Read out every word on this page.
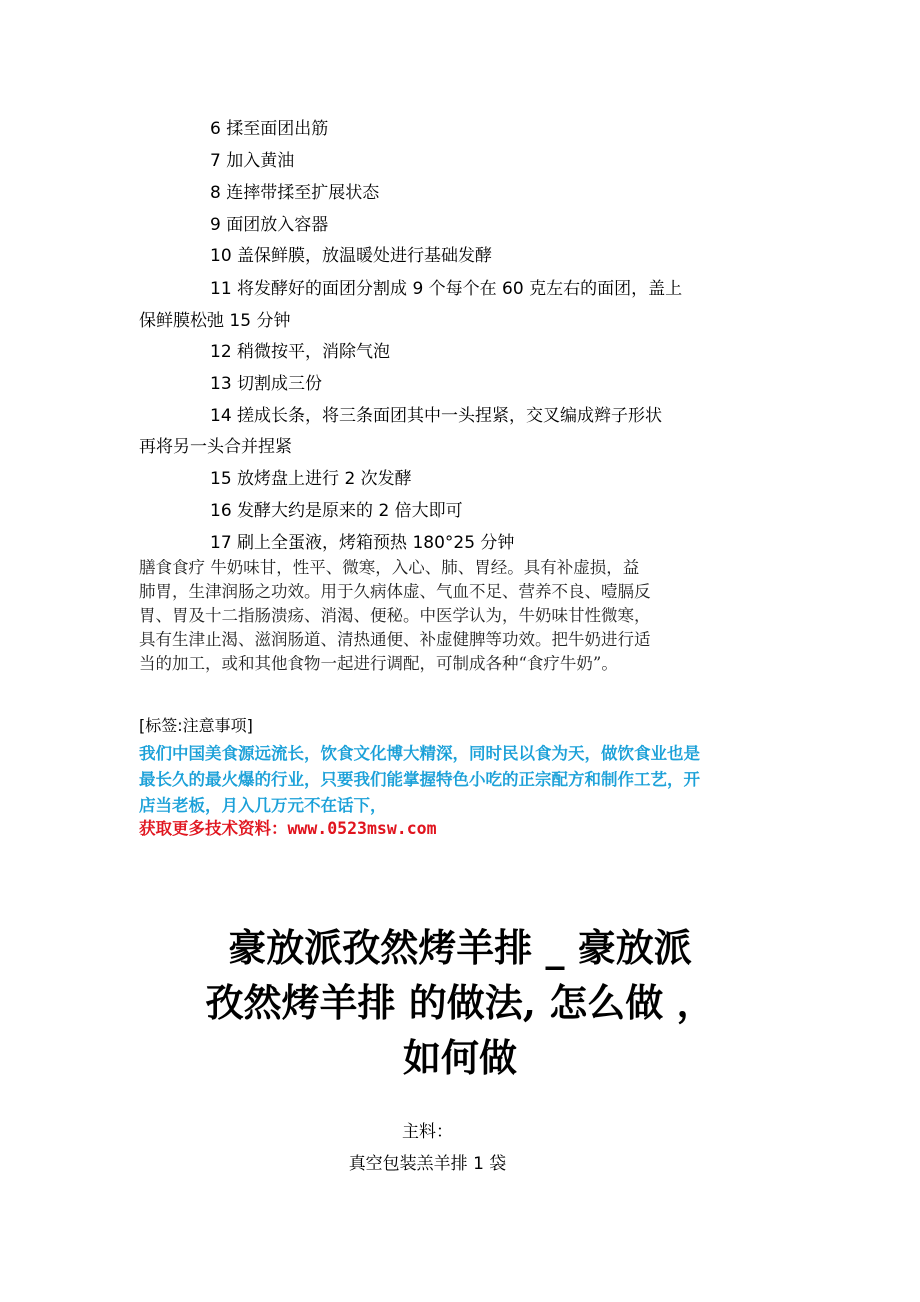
6 揉至面团出筋
7 加入黄油
8 连摔带揉至扩展状态
9 面团放入容器
10 盖保鲜膜，放温暖处进行基础发酵
11 将发酵好的面团分割成 9 个每个在 60 克左右的面团，盖上
保鲜膜松弛 15 分钟
12 稍微按平，消除气泡
13 切割成三份
14 搓成长条，将三条面团其中一头捏紧，交叉编成辫子形状
再将另一头合并捏紧
15 放烤盘上进行 2 次发酵
16 发酵大约是原来的 2 倍大即可
17 刷上全蛋液，烤箱预热 180°25 分钟
膳食食疗 牛奶味甘，性平、微寒，入心、肺、胃经。具有补虚损，益
肺胃，生津润肠之功效。用于久病体虚、气血不足、营养不良、噎膈反
胃、胃及十二指肠溃疡、消渴、便秘。中医学认为，牛奶味甘性微寒，
具有生津止渴、滋润肠道、清热通便、补虚健脾等功效。把牛奶进行适
当的加工，或和其他食物一起进行调配，可制成各种“食疗牛奶”。
[标签:注意事项]
我们中国美食源远流长，饮食文化博大精深，同时民以食为天，做饮食业也是
最长久的最火爆的行业，只要我们能掌握特色小吃的正宗配方和制作工艺，开
店当老板，月入几万元不在话下，
获取更多技术资料：www.0523msw.com
豪放派孜然烤羊排 _ 豪放派
孜然烤羊排 的做法, 怎么做 ，
如何做
主料：
真空包装羔羊排 1 袋
